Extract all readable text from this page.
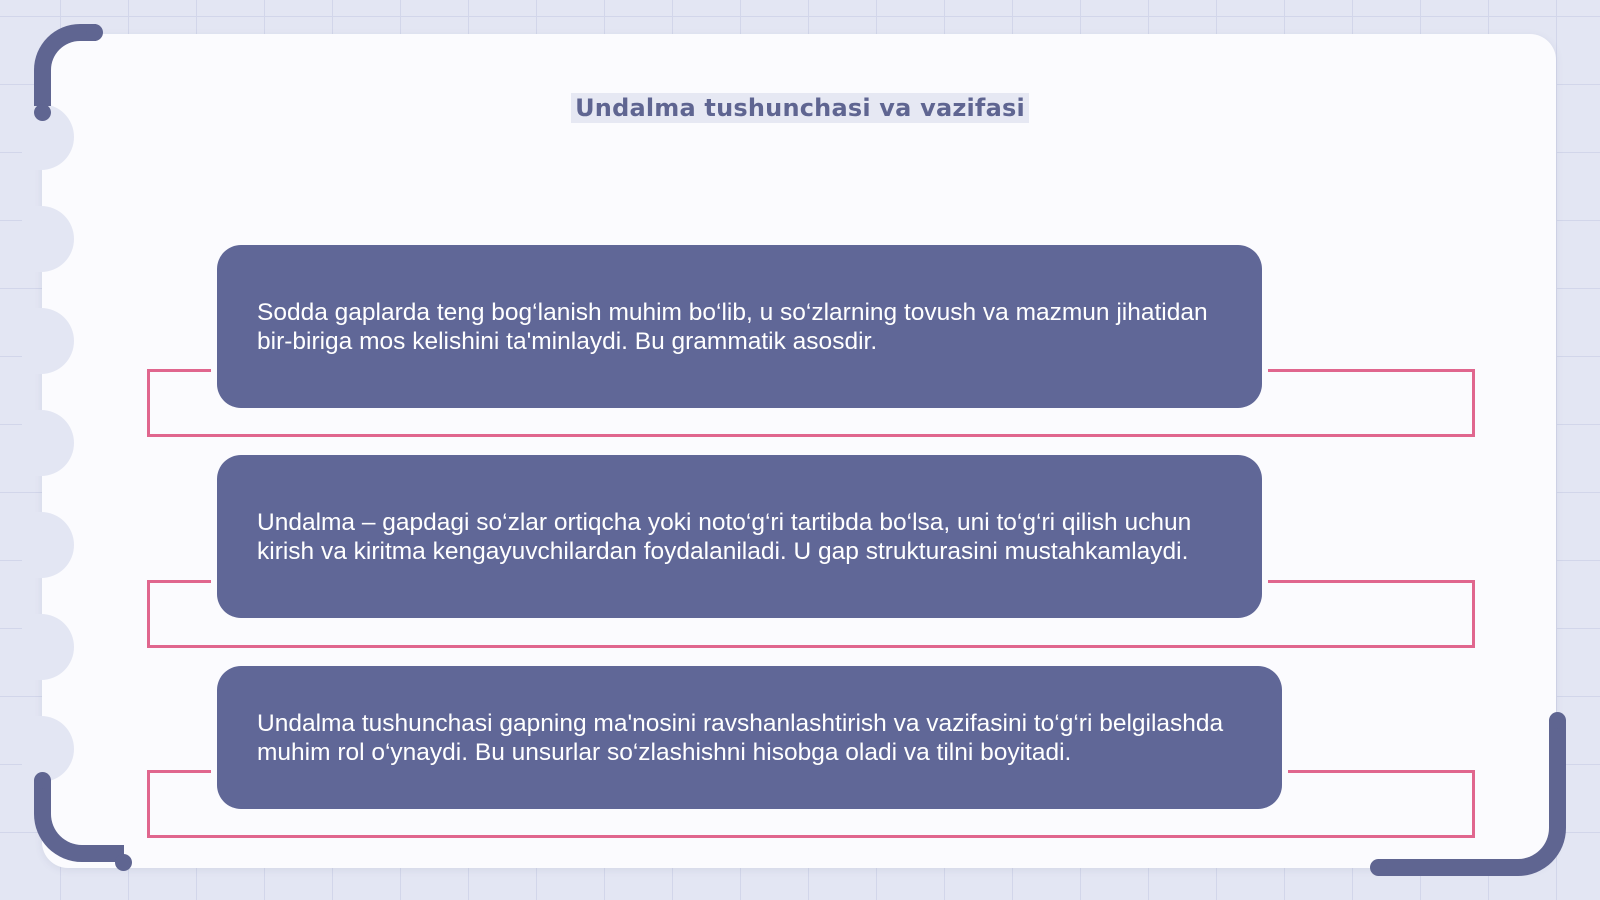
Undalma tushunchasi va vazifasi

Sodda gaplarda teng bog‘lanish muhim bo‘lib, u so‘zlarning tovush va mazmun jihatidan bir-biriga mos kelishini ta'minlaydi. Bu grammatik asosdir.

Undalma – gapdagi so‘zlar ortiqcha yoki noto‘g‘ri tartibda bo‘lsa, uni to‘g‘ri qilish uchun kirish va kiritma kengayuvchilardan foydalaniladi. U gap strukturasini mustahkamlaydi.

Undalma tushunchasi gapning ma'nosini ravshanlashtirish va vazifasini to‘g‘ri belgilashda muhim rol o‘ynaydi. Bu unsurlar so‘zlashishni hisobga oladi va tilni boyitadi.
